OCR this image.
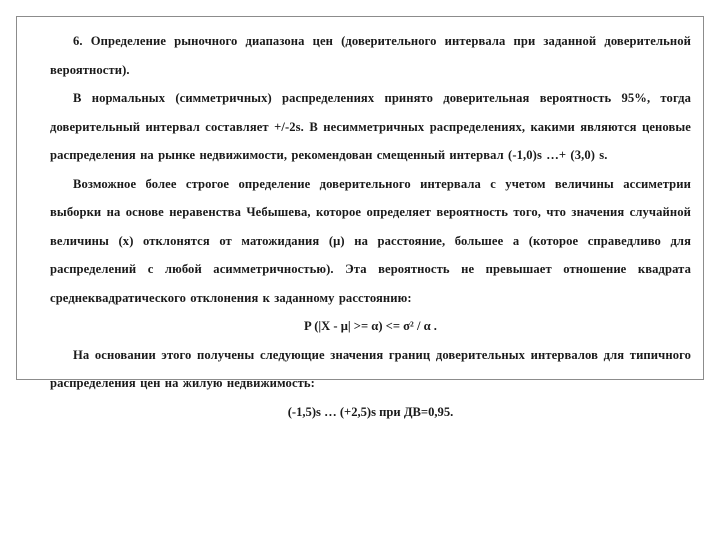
6. Определение рыночного диапазона цен (доверительного интервала при заданной доверительной вероятности).

В нормальных (симметричных) распределениях принято доверительная вероятность 95%, тогда доверительный интервал составляет +/-2s. В несимметричных распределениях, какими являются ценовые распределения на рынке недвижимости, рекомендован смещенный интервал (-1,0)s …+ (3,0) s.

Возможное более строгое определение доверительного интервала с учетом величины ассиметрии выборки на основе неравенства Чебышева, которое определяет вероятность того, что значения случайной величины (x) отклонятся от матожидания (μ) на расстояние, большее a (которое справедливо для распределений с любой асимметричностью). Эта вероятность не превышает отношение квадрата среднеквадратического отклонения к заданному расстоянию:

P (|X - μ| >= α) <= σ² / α .

На основании этого получены следующие значения границ доверительных интервалов для типичного распределения цен на жилую недвижимость:

(-1,5)s … (+2,5)s при ДВ=0,95.
